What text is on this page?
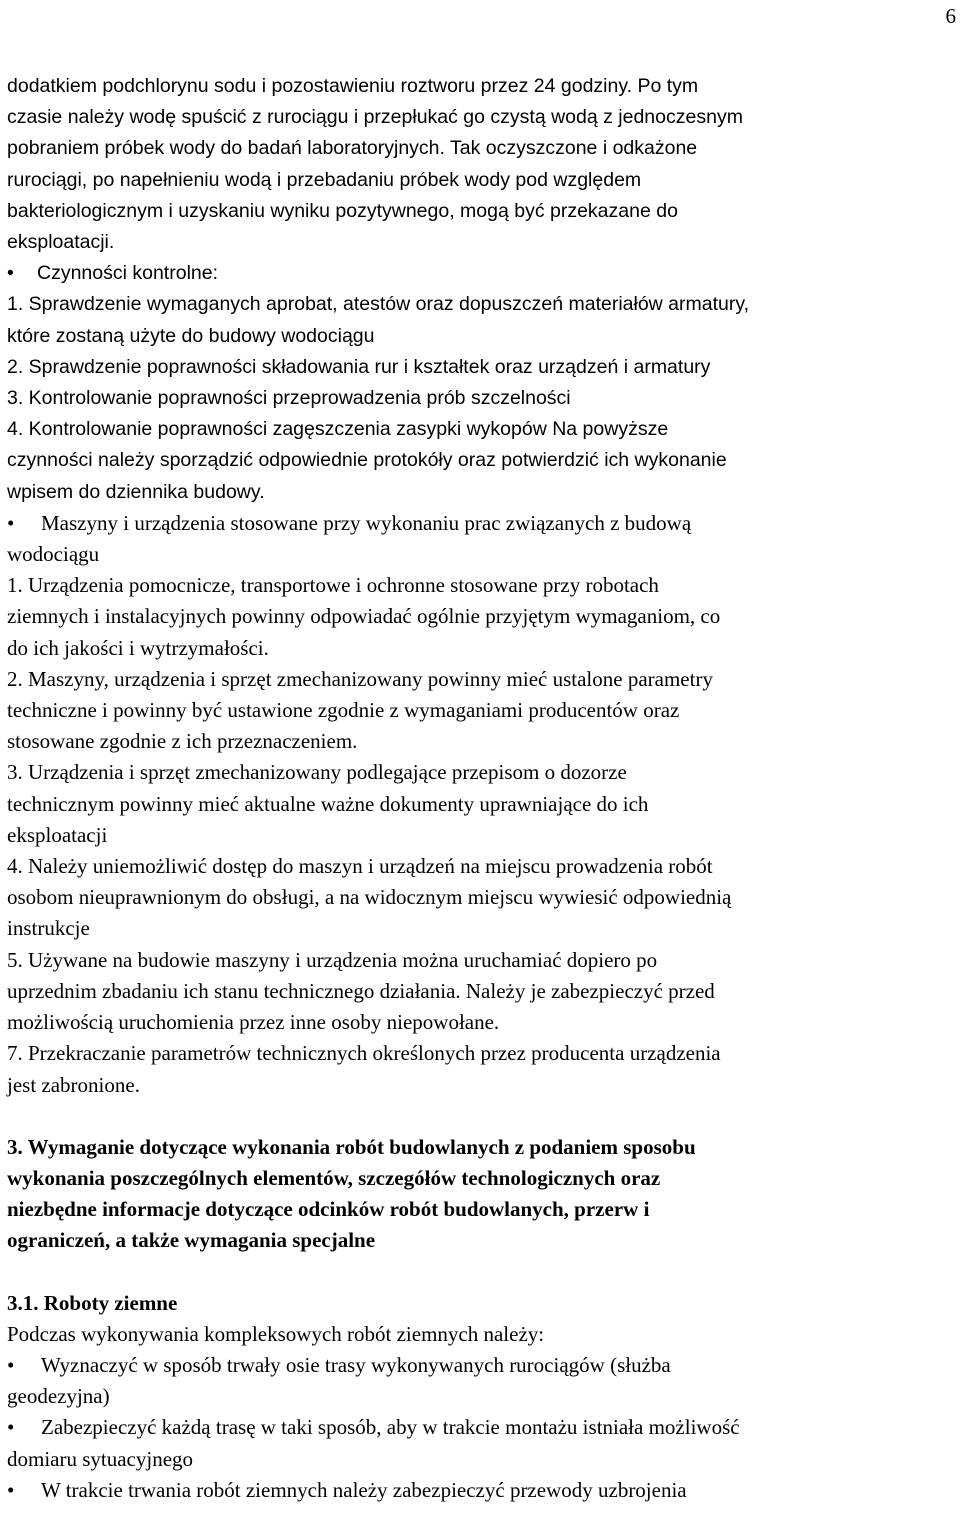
6

dodatkiem podchlorynu sodu i pozostawieniu roztworu przez 24 godziny. Po tym

czasie należy wodę spuścić z rurociągu i przepłukać go czystą wodą z jednoczesnym

pobraniem próbek wody do badań laboratoryjnych. Tak oczyszczone i odkażone

rurociągi, po napełnieniu wodą i przebadaniu próbek wody pod względem

bakteriologicznym i uzyskaniu wyniku pozytywnego, mogą być przekazane do

eksploatacji.

• Czynności kontrolne:

1. Sprawdzenie wymaganych aprobat, atestów oraz dopuszczeń materiałów armatury,

które zostaną użyte do budowy wodociągu

2. Sprawdzenie poprawności składowania rur i kształtek oraz urządzeń i armatury

3. Kontrolowanie poprawności przeprowadzenia prób szczelności

4. Kontrolowanie poprawności zagęszczenia zasypki wykopów Na powyższe

czynności należy sporządzić odpowiednie protokóły oraz potwierdzić ich wykonanie

wpisem do dziennika budowy.

• Maszyny i urządzenia stosowane przy wykonaniu prac związanych z budową

wodociągu

1. Urządzenia pomocnicze, transportowe i ochronne stosowane przy robotach

ziemnych i instalacyjnych powinny odpowiadać ogólnie przyjętym wymaganiom, co

do ich jakości i wytrzymałości.

2. Maszyny, urządzenia i sprzęt zmechanizowany powinny mieć ustalone parametry

techniczne i powinny być ustawione zgodnie z wymaganiami producentów oraz

stosowane zgodnie z ich przeznaczeniem.

3. Urządzenia i sprzęt zmechanizowany podlegające przepisom o dozorze

technicznym powinny mieć aktualne ważne dokumenty uprawniające do ich

eksploatacji

4. Należy uniemożliwić dostęp do maszyn i urządzeń na miejscu prowadzenia robót

osobom nieuprawnionym do obsługi, a na widocznym miejscu wywiesić odpowiednią

instrukcje

5. Używane na budowie maszyny i urządzenia można uruchamiać dopiero po

uprzednim zbadaniu ich stanu technicznego działania. Należy je zabezpieczyć przed

możliwością uruchomienia przez inne osoby niepowołane.

7. Przekraczanie parametrów technicznych określonych przez producenta urządzenia

jest zabronione.

3. Wymaganie dotyczące wykonania robót budowlanych z podaniem sposobu

wykonania poszczególnych elementów, szczegółów technologicznych oraz

niezbędne informacje dotyczące odcinków robót budowlanych, przerw i

ograniczeń, a także wymagania specjalne

3.1. Roboty ziemne

Podczas wykonywania kompleksowych robót ziemnych należy:

• Wyznaczyć w sposób trwały osie trasy wykonywanych rurociągów (służba

geodezyjna)

• Zabezpieczyć każdą trasę w taki sposób, aby w trakcie montażu istniała możliwość

domiaru sytuacyjnego

• W trakcie trwania robót ziemnych należy zabezpieczyć przewody uzbrojenia
